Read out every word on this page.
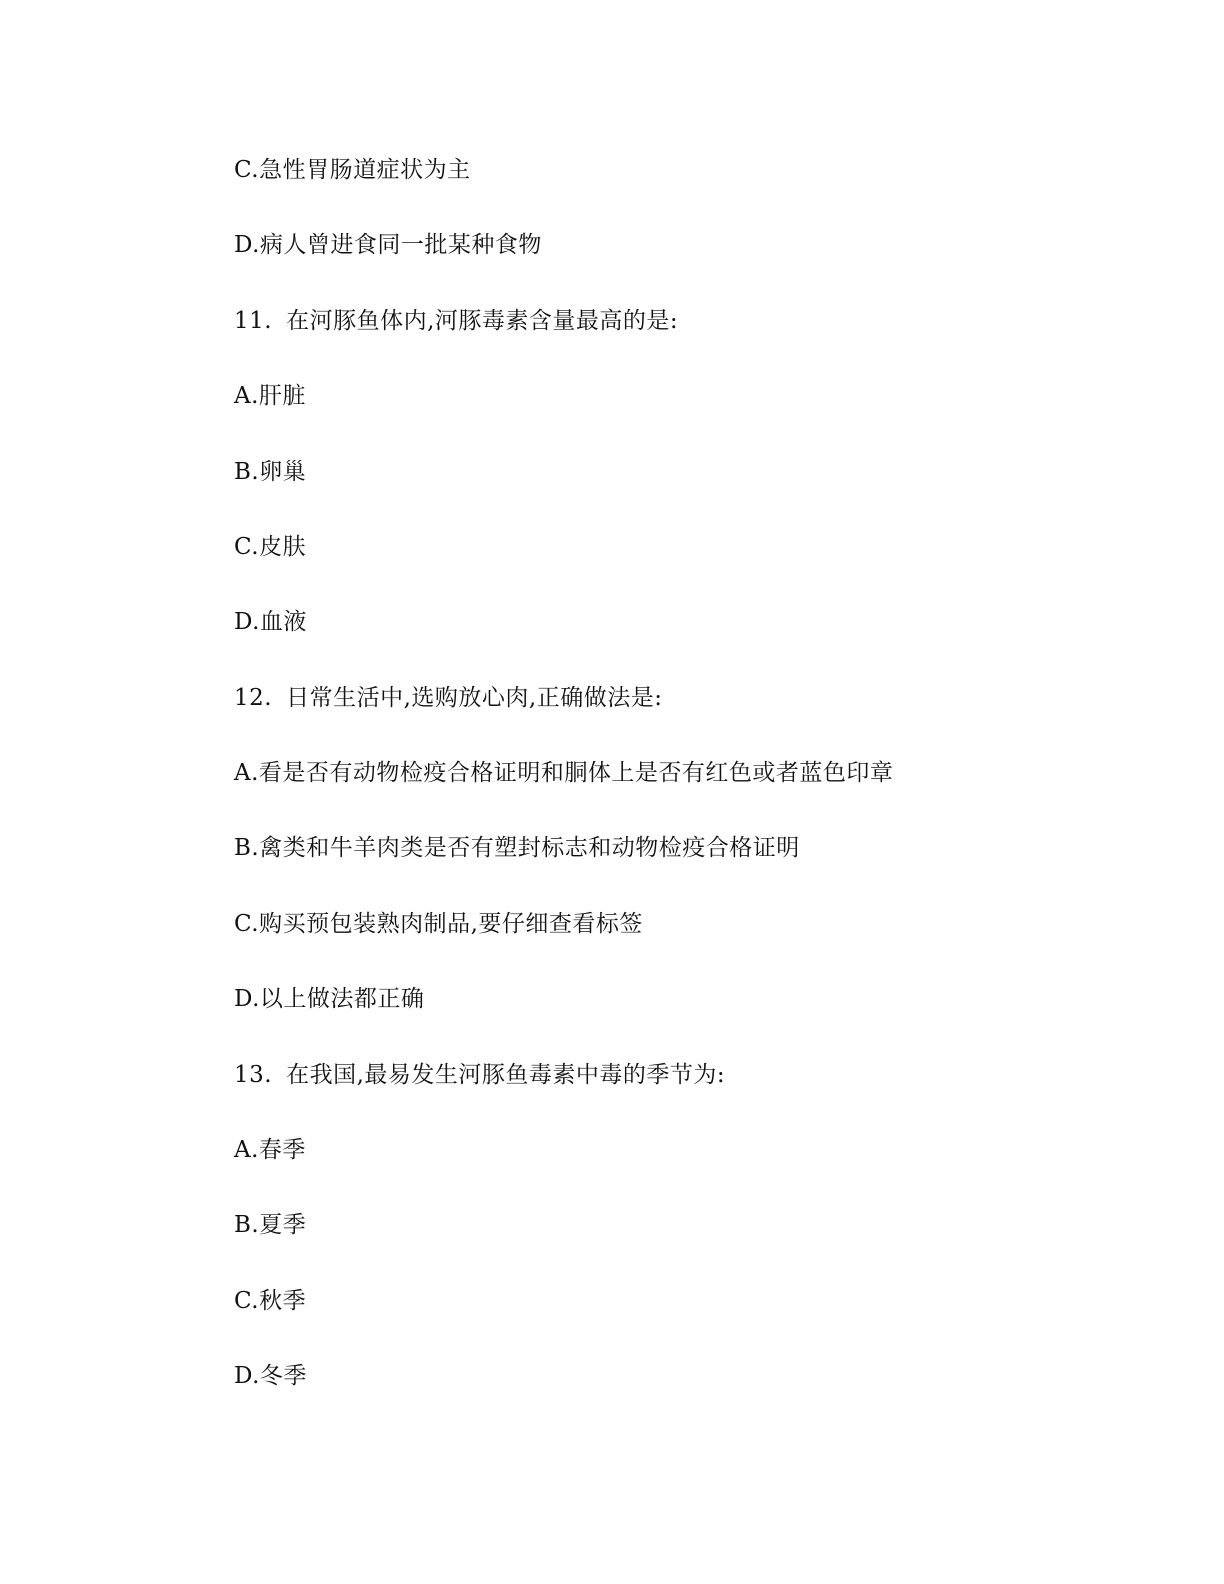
C.急性胃肠道症状为主
D.病人曾进食同一批某种食物
11. 在河豚鱼体内,河豚毒素含量最高的是:
A.肝脏
B.卵巢
C.皮肤
D.血液
12. 日常生活中,选购放心肉,正确做法是:
A.看是否有动物检疫合格证明和胴体上是否有红色或者蓝色印章
B.禽类和牛羊肉类是否有塑封标志和动物检疫合格证明
C.购买预包装熟肉制品,要仔细查看标签
D.以上做法都正确
13. 在我国,最易发生河豚鱼毒素中毒的季节为:
A.春季
B.夏季
C.秋季
D.冬季
